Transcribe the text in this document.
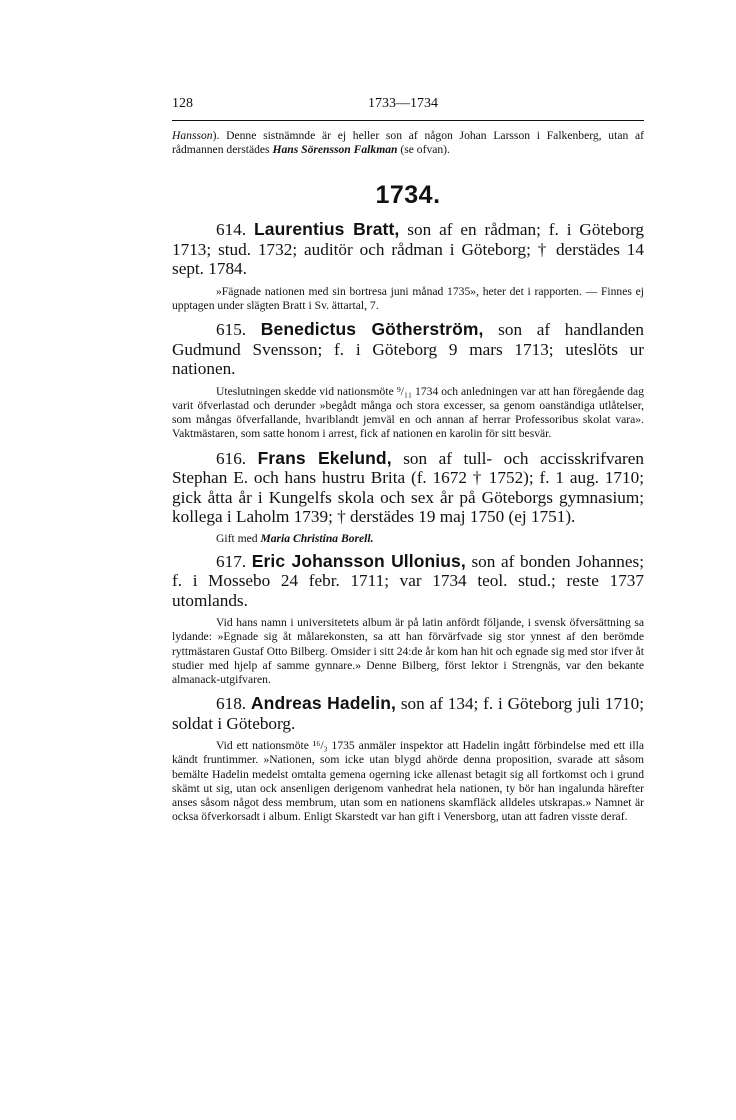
128	1733—1734

Hansson). Denne sistnämnde är ej heller son af någon Johan Larsson i Falkenberg, utan af rådmannen derstädes Hans Sörensson Falkman (se ofvan).

1734.

614. Laurentius Bratt, son af en rådman; f. i Göteborg 1713; stud. 1732; auditör och rådman i Göteborg; † derstädes 14 sept. 1784.

»Fägnade nationen med sin bortresa juni månad 1735», heter det i rapporten. — Finnes ej upptagen under slägten Bratt i Sv. ättartal, 7.

615. Benedictus Götherström, son af handlanden Gudmund Svensson; f. i Göteborg 9 mars 1713; uteslöts ur nationen.

Uteslutningen skedde vid nationsmöte ⁹/₁₁ 1734 och anledningen var att han föregående dag varit öfverlastad och derunder »begådt många och stora excesser, sa genom oanständiga utlåtelser, som mångas öfverfallande, hvariblandt jemväl en och annan af herrar Professoribus skolat vara». Vaktmästaren, som satte honom i arrest, fick af nationen en karolin för sitt besvär.

616. Frans Ekelund, son af tull- och accisskrifvaren Stephan E. och hans hustru Brita (f. 1672 † 1752); f. 1 aug. 1710; gick åtta år i Kungelfs skola och sex år på Göteborgs gymnasium; kollega i Laholm 1739; † derstädes 19 maj 1750 (ej 1751).

Gift med Maria Christina Borell.

617. Eric Johansson Ullonius, son af bonden Johannes; f. i Mossebo 24 febr. 1711; var 1734 teol. stud.; reste 1737 utomlands.

Vid hans namn i universitetets album är på latin anfördt följande, i svensk öfversättning sa lydande: »Egnade sig åt målarekonsten, sa att han förvärfvade sig stor ynnest af den berömde ryttmästaren Gustaf Otto Bilberg. Omsider i sitt 24:de år kom han hit och egnade sig med stor ifver åt studier med hjelp af samme gynnare.» Denne Bilberg, först lektor i Strengnäs, var den bekante almanack-utgifvaren.

618. Andreas Hadelin, son af 134; f. i Göteborg juli 1710; soldat i Göteborg.

Vid ett nationsmöte ¹⁶/₃ 1735 anmäler inspektor att Hadelin ingått förbindelse med ett illa kändt fruntimmer. »Nationen, som icke utan blygd ahörde denna proposition, svarade att såsom bemälte Hadelin medelst omtalta gemena ogerning icke allenast betagit sig all fortkomst och i grund skämt ut sig, utan ock ansenligen derigenom vanhedrat hela nationen, ty bör han ingalunda härefter anses såsom något dess membrum, utan som en nationens skamfläck alldeles utskrapas.» Namnet är ocksa öfverkorsadt i album. Enligt Skarstedt var han gift i Venersborg, utan att fadren visste deraf.
